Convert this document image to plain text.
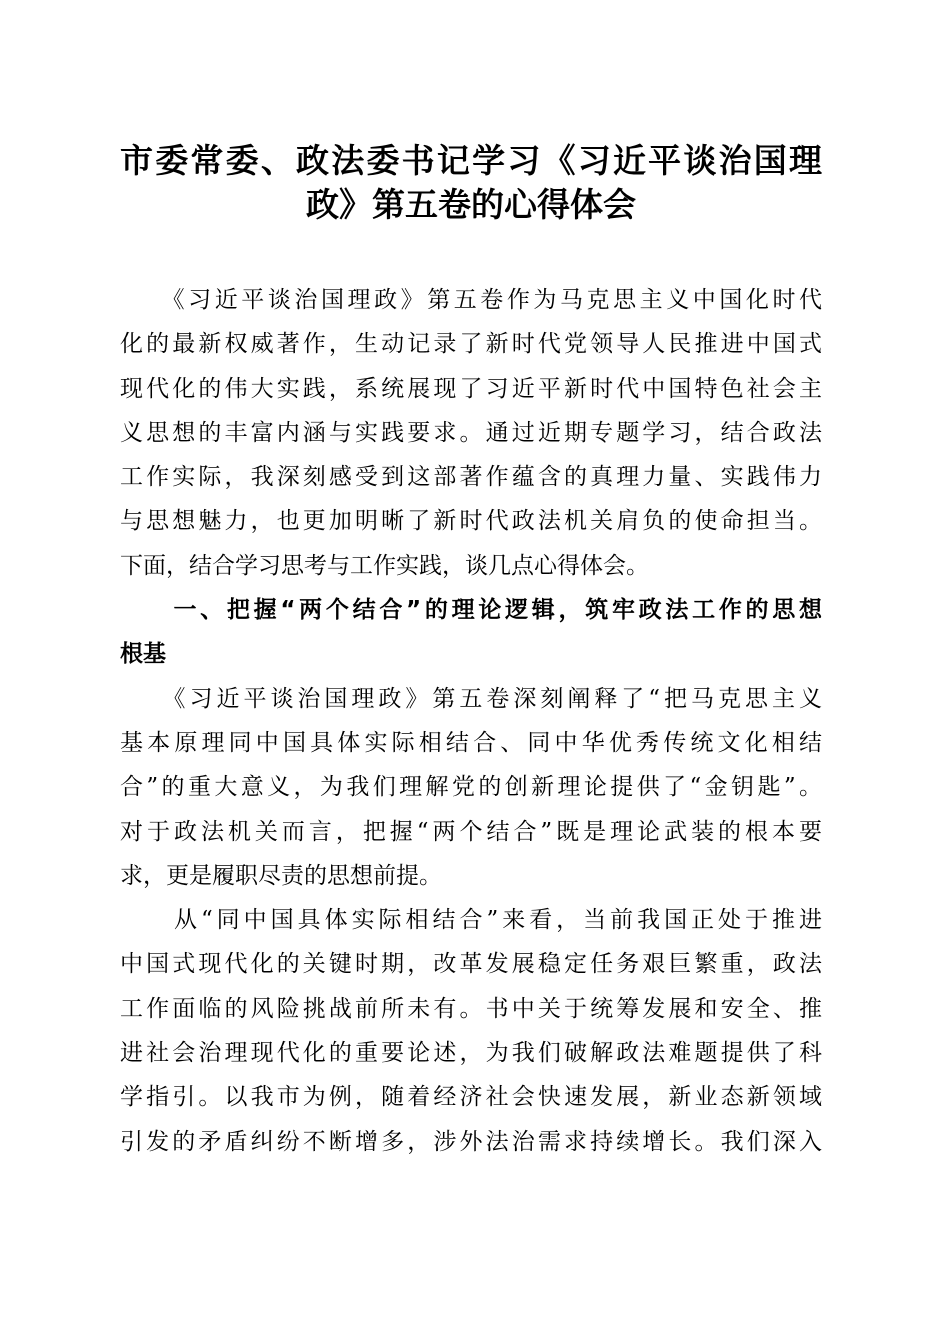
市委常委、政法委书记学习《习近平谈治国理
政》第五卷的心得体会
　　《习近平谈治国理政》第五卷作为马克思主义中国化时代
化的最新权威著作，生动记录了新时代党领导人民推进中国式
现代化的伟大实践，系统展现了习近平新时代中国特色社会主
义思想的丰富内涵与实践要求。通过近期专题学习，结合政法
工作实际，我深刻感受到这部著作蕴含的真理力量、实践伟力
与思想魅力，也更加明晰了新时代政法机关肩负的使命担当。
下面，结合学习思考与工作实践，谈几点心得体会。
　　一、把握“两个结合”的理论逻辑，筑牢政法工作的思想
根基
　　《习近平谈治国理政》第五卷深刻阐释了“把马克思主义
基本原理同中国具体实际相结合、同中华优秀传统文化相结
合”的重大意义，为我们理解党的创新理论提供了“金钥匙”。
对于政法机关而言，把握“两个结合”既是理论武装的根本要
求，更是履职尽责的思想前提。
　　从“同中国具体实际相结合”来看，当前我国正处于推进
中国式现代化的关键时期，改革发展稳定任务艰巨繁重，政法
工作面临的风险挑战前所未有。书中关于统筹发展和安全、推
进社会治理现代化的重要论述，为我们破解政法难题提供了科
学指引。以我市为例，随着经济社会快速发展，新业态新领域
引发的矛盾纠纷不断增多，涉外法治需求持续增长。我们深入
